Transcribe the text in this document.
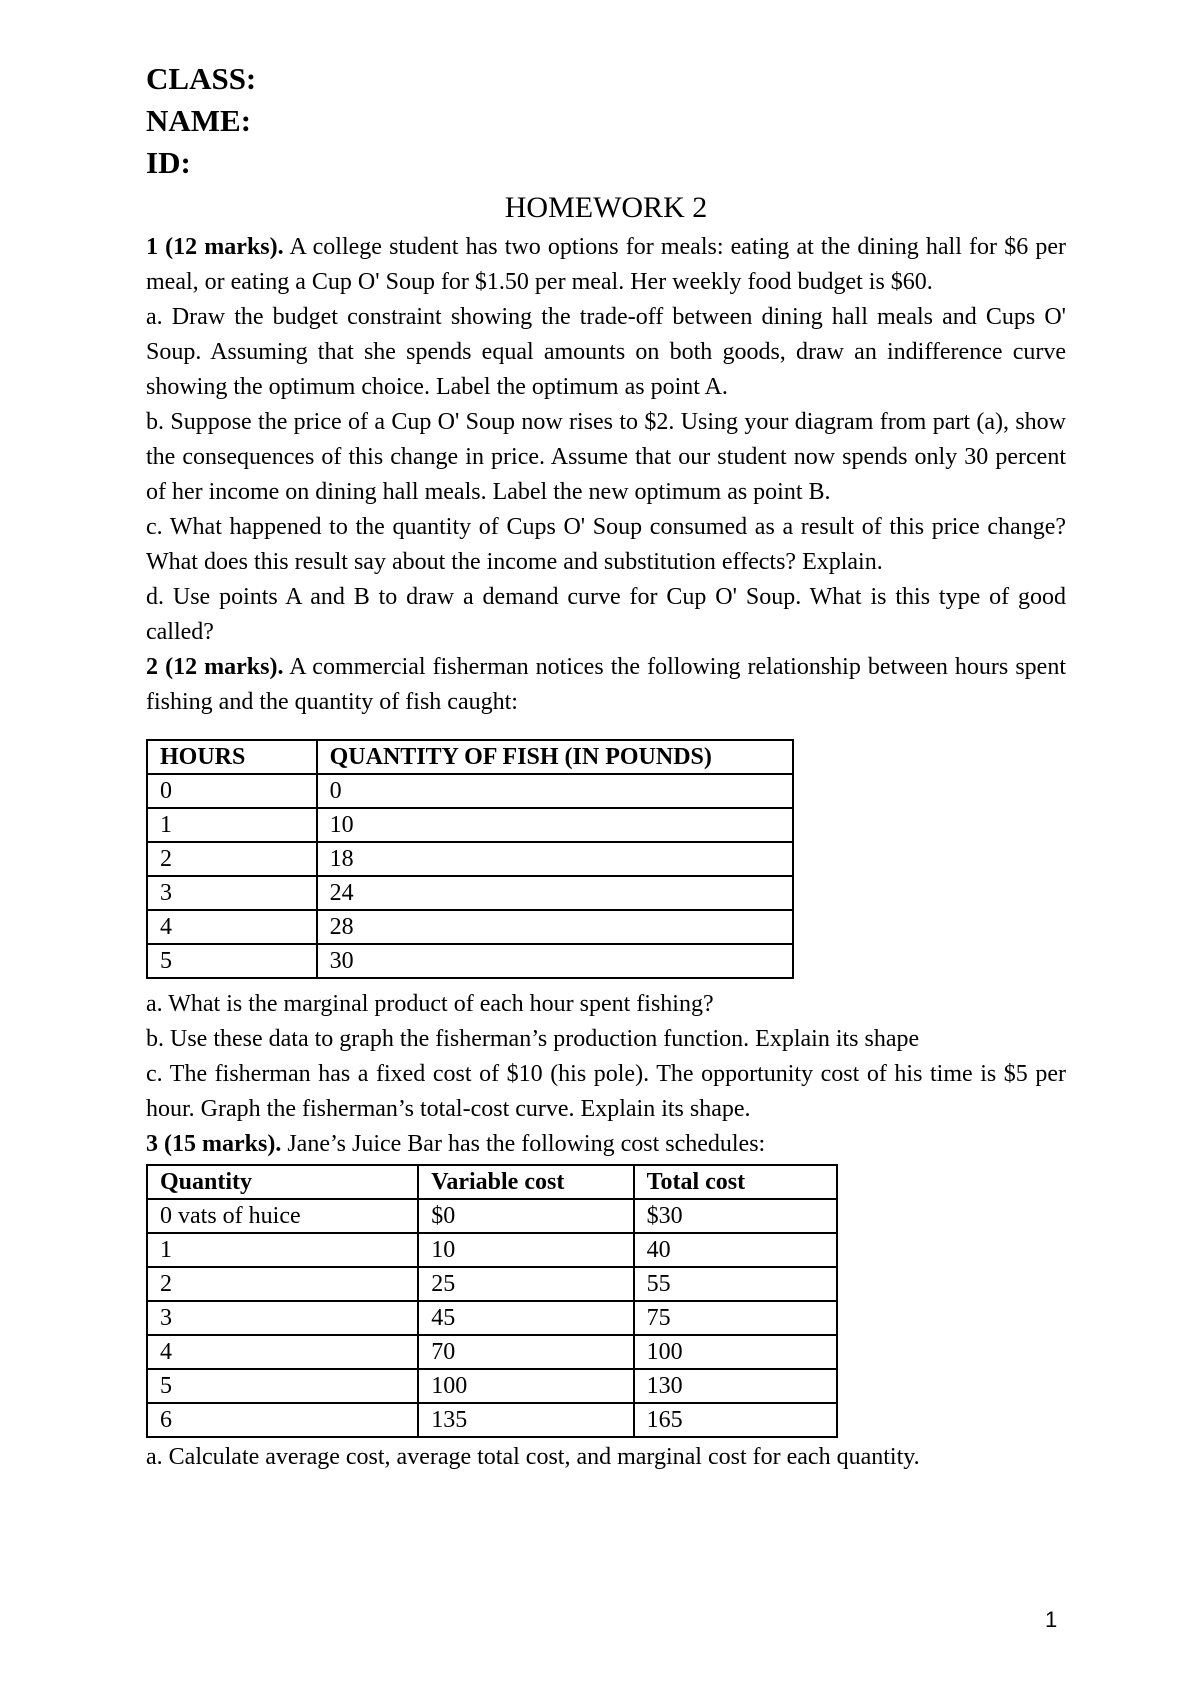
CLASS:
NAME:
ID:
HOMEWORK 2
1 (12 marks). A college student has two options for meals: eating at the dining hall for $6 per meal, or eating a Cup O' Soup for $1.50 per meal. Her weekly food budget is $60.
a. Draw the budget constraint showing the trade-off between dining hall meals and Cups O' Soup. Assuming that she spends equal amounts on both goods, draw an indifference curve showing the optimum choice. Label the optimum as point A.
b. Suppose the price of a Cup O' Soup now rises to $2. Using your diagram from part (a), show the consequences of this change in price. Assume that our student now spends only 30 percent of her income on dining hall meals. Label the new optimum as point B.
c. What happened to the quantity of Cups O' Soup consumed as a result of this price change? What does this result say about the income and substitution effects? Explain.
d. Use points A and B to draw a demand curve for Cup O' Soup. What is this type of good called?
2 (12 marks). A commercial fisherman notices the following relationship between hours spent fishing and the quantity of fish caught:
HOURS	QUANTITY OF FISH (IN POUNDS)
0	0
1	10
2	18
3	24
4	28
5	30
a. What is the marginal product of each hour spent fishing?
b. Use these data to graph the fisherman’s production function. Explain its shape
c. The fisherman has a fixed cost of $10 (his pole). The opportunity cost of his time is $5 per hour. Graph the fisherman’s total-cost curve. Explain its shape.
3 (15 marks). Jane’s Juice Bar has the following cost schedules:
Quantity	Variable cost	Total cost
0 vats of huice	$0	$30
1	10	40
2	25	55
3	45	75
4	70	100
5	100	130
6	135	165
a. Calculate average cost, average total cost, and marginal cost for each quantity.
1
